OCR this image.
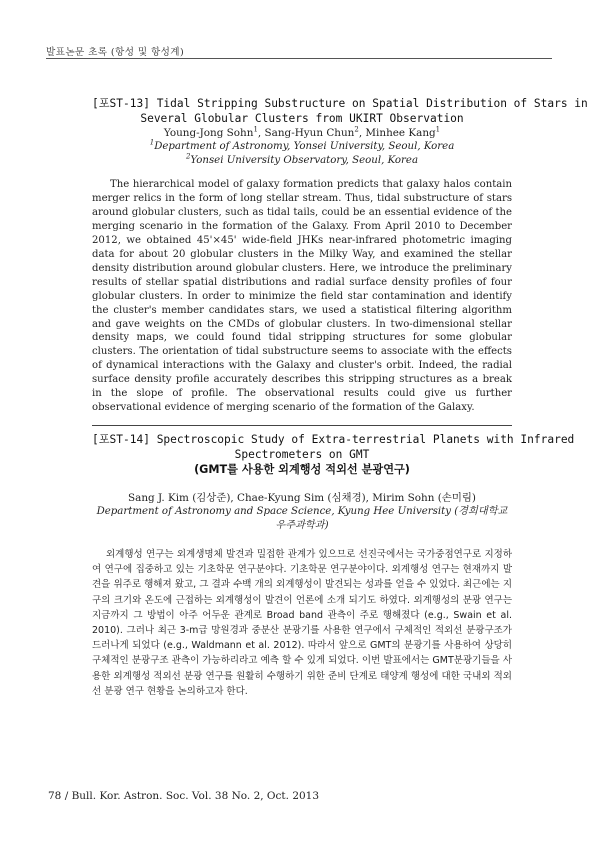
발표논문 초록 (항성 및 항성계)
[포ST-13] Tidal Stripping Substructure on Spatial Distribution of Stars in
Several Globular Clusters from UKIRT Observation
Young-Jong Sohn$^1$, Sang-Hyun Chun$^2$, Minhee Kang$^1$
$^1$Department of Astronomy, Yonsei University, Seoul, Korea
$^2$Yonsei University Observatory, Seoul, Korea

The hierarchical model of galaxy formation predicts that galaxy halos contain merger relics in the form of long stellar stream. Thus, tidal substructure of stars around globular clusters, such as tidal tails, could be an essential evidence of the merging scenario in the formation of the Galaxy. From April 2010 to December 2012, we obtained 45'×45' wide-field JHKs near-infrared photometric imaging data for about 20 globular clusters in the Milky Way, and examined the stellar density distribution around globular clusters. Here, we introduce the preliminary results of stellar spatial distributions and radial surface density profiles of four globular clusters. In order to minimize the field star contamination and identify the cluster's member candidates stars, we used a statistical filtering algorithm and gave weights on the CMDs of globular clusters. In two-dimensional stellar density maps, we could found tidal stripping structures for some globular clusters. The orientation of tidal substructure seems to associate with the effects of dynamical interactions with the Galaxy and cluster's orbit. Indeed, the radial surface density profile accurately describes this stripping structures as a break in the slope of profile. The observational results could give us further observational evidence of merging scenario of the formation of the Galaxy.

[포ST-14] Spectroscopic Study of Extra-terrestrial Planets with Infrared
Spectrometers on GMT
(GMT를 사용한 외계행성 적외선 분광연구)
Sang J. Kim (김상준), Chae-Kyung Sim (심채경), Mirim Sohn (손미림)
Department of Astronomy and Space Science, Kyung Hee University (경희대학교
우주과학과)

외계행성 연구는 외계생명체 발견과 밀접한 관계가 있으므로 선진국에서는 국가중점연구로 지정하여 연구에 집중하고 있는 기초학문 연구분야다. 기초학문 연구분야이다. 외계행성 연구는 현재까지 발견을 위주로 행해져 왔고, 그 결과 수백 개의 외계행성이 발견되는 성과를 얻을 수 있었다. 최근에는 지구의 크기와 온도에 근접하는 외계행성이 발견이 언론에 소개 되기도 하였다. 외계행성의 분광 연구는 지금까지 그 방법이 아주 어두운 관계로 Broad band 관측이 주로 행해졌다 (e.g., Swain et al. 2010). 그러나 최근 3-m급 망원경과 중분산 분광기를 사용한 연구에서 구체적인 적외선 분광구조가 드러나게 되었다 (e.g., Waldmann et al. 2012). 따라서 앞으로 GMT의 분광기를 사용하여 상당히 구체적인 분광구조 관측이 가능하리라고 예측 할 수 있게 되었다. 이번 발표에서는 GMT분광기들을 사용한 외계행성 적외선 분광 연구를 원활히 수행하기 위한 준비 단계로 태양계 행성에 대한 국내외 적외선 분광 연구 현황을 논의하고자 한다.

78 / Bull. Kor. Astron. Soc. Vol. 38 No. 2, Oct. 2013
